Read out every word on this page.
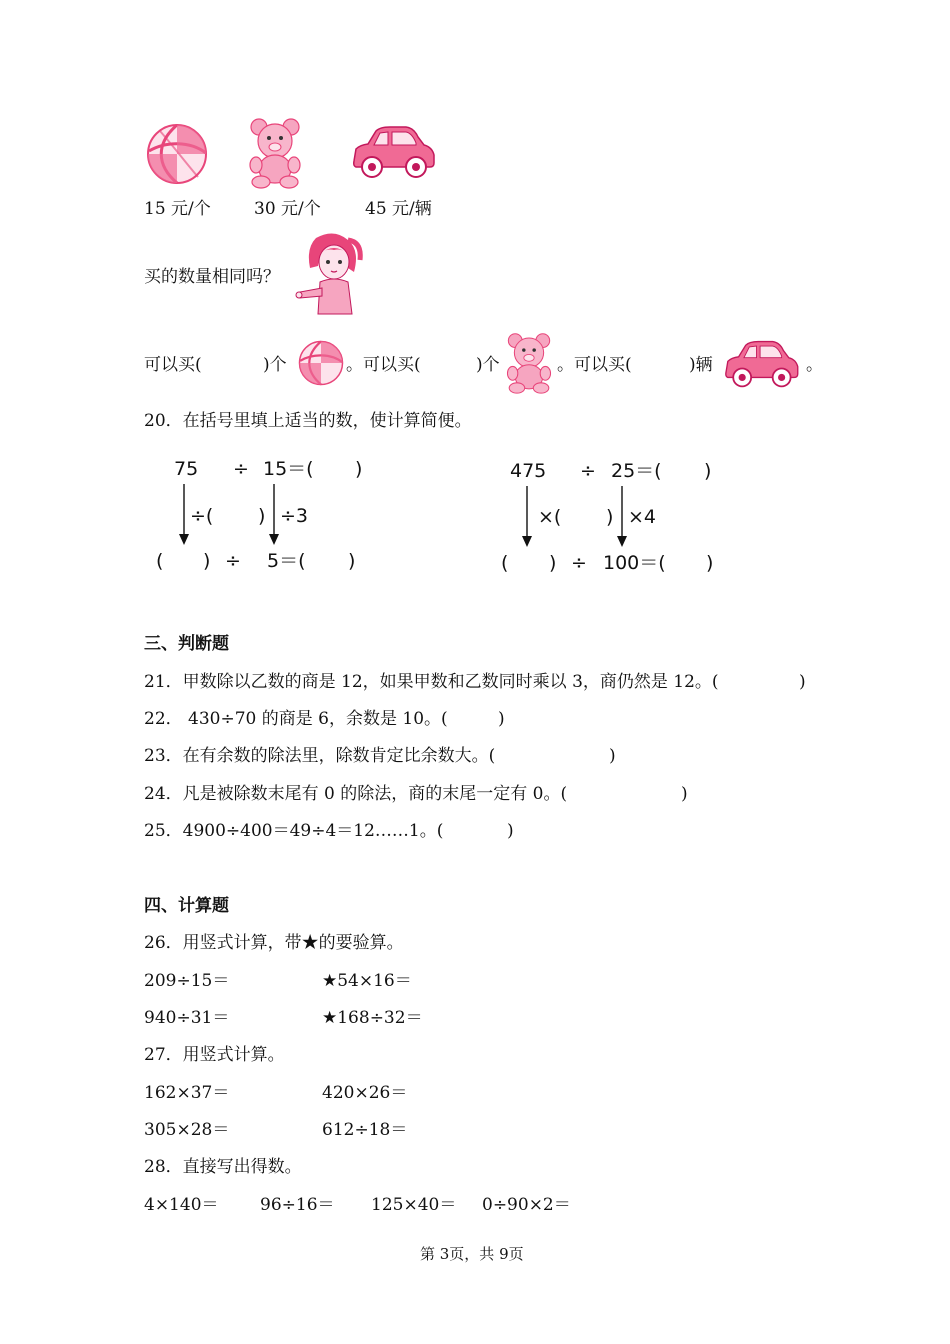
15 元/个	30 元/个	45 元/辆
买的数量相同吗？
可以买(	)个	。可以买(	)个	。可以买(	)辆	。
20．在括号里填上适当的数，使计算简便。
75 ÷ 15＝( )
÷( ) ÷3
( ) ÷ 5＝( )
475 ÷ 25＝( )
×( ) ×4
( ) ÷ 100＝( )
三、判断题
21．甲数除以乙数的商是 12，如果甲数和乙数同时乘以 3，商仍然是 12。(	)
22． 430÷70 的商是 6，余数是 10。(	)
23．在有余数的除法里，除数肯定比余数大。(	)
24．凡是被除数末尾有 0 的除法，商的末尾一定有 0。(	)
25．4900÷400＝49÷4＝12……1。(	)
四、计算题
26．用竖式计算，带★的要验算。
209÷15＝	★54×16＝
940÷31＝	★168÷32＝
27．用竖式计算。
162×37＝	420×26＝
305×28＝	612÷18＝
28．直接写出得数。
4×140＝ 96÷16＝ 125×40＝ 0÷90×2＝
第 3页，共 9页
